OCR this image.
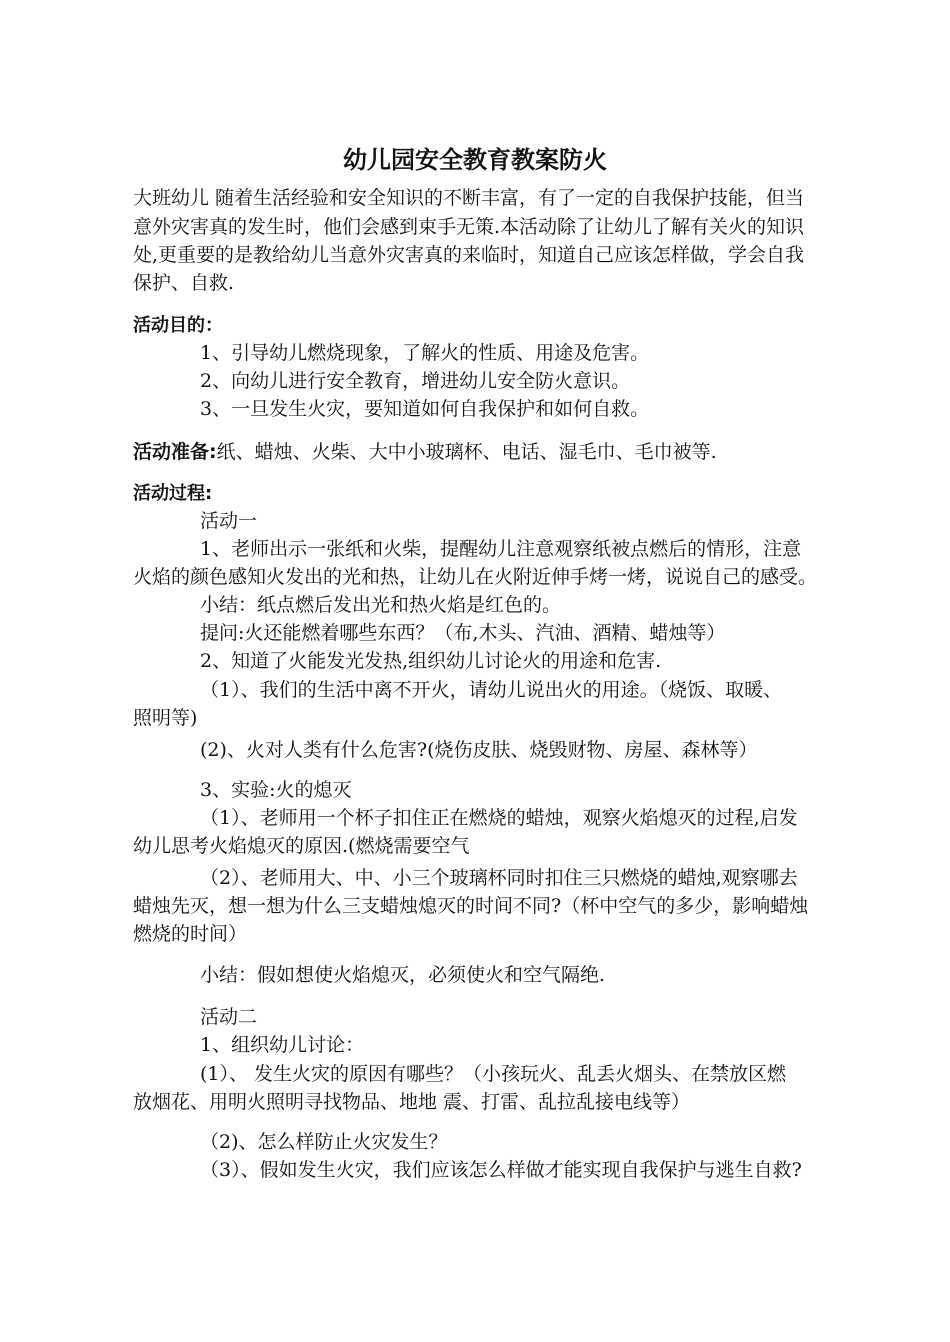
幼儿园安全教育教案防火
大班幼儿 随着生活经验和安全知识的不断丰富，有了一定的自我保护技能，但当
意外灾害真的发生时，他们会感到束手无策.本活动除了让幼儿了解有关火的知识
处,更重要的是教给幼儿当意外灾害真的来临时，知道自己应该怎样做，学会自我
保护、自救.
活动目的：
1、引导幼儿燃烧现象，了解火的性质、用途及危害。
2、向幼儿进行安全教育，增进幼儿安全防火意识。
3、一旦发生火灾，要知道如何自我保护和如何自救。
活动准备:纸、蜡烛、火柴、大中小玻璃杯、电话、湿毛巾、毛巾被等.
活动过程:
活动一
1、老师出示一张纸和火柴，提醒幼儿注意观察纸被点燃后的情形，注意
火焰的颜色感知火发出的光和热，让幼儿在火附近伸手烤一烤，说说自己的感受。
小结：纸点燃后发出光和热火焰是红色的。
提问:火还能燃着哪些东西？（布,木头、汽油、酒精、蜡烛等）
2、知道了火能发光发热,组织幼儿讨论火的用途和危害.
（1）、我们的生活中离不开火，请幼儿说出火的用途。（烧饭、取暖、
照明等)
(2)、火对人类有什么危害?(烧伤皮肤、烧毁财物、房屋、森林等）
3、实验:火的熄灭
（1）、老师用一个杯子扣住正在燃烧的蜡烛，观察火焰熄灭的过程,启发
幼儿思考火焰熄灭的原因.(燃烧需要空气
（2）、老师用大、中、小三个玻璃杯同时扣住三只燃烧的蜡烛,观察哪去
蜡烛先灭，想一想为什么三支蜡烛熄灭的时间不同?（杯中空气的多少，影响蜡烛
燃烧的时间）
小结：假如想使火焰熄灭，必须使火和空气隔绝.
活动二
1、组织幼儿讨论：
(1）、 发生火灾的原因有哪些？（小孩玩火、乱丢火烟头、在禁放区燃
放烟花、用明火照明寻找物品、地地 震、打雷、乱拉乱接电线等）
（2)、怎么样防止火灾发生？
（3）、假如发生火灾，我们应该怎么样做才能实现自我保护与逃生自救?
